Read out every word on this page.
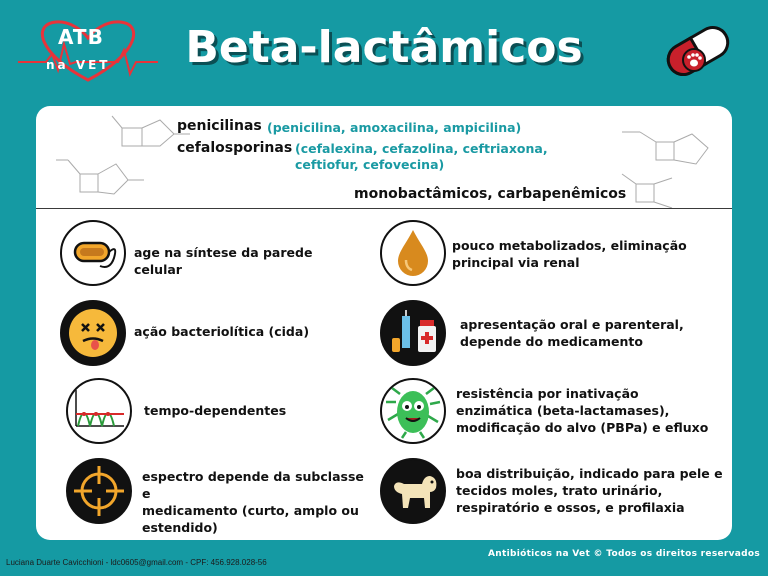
ATB
na VET	Beta-lactâmicos
penicilinas (penicilina, amoxacilina, ampicilina)
cefalosporinas (cefalexina, cefazolina, ceftriaxona,
ceftiofur, cefovecina)
monobactâmicos, carbapenêmicos
age na síntese da parede celular
ação bacteriolítica (cida)
tempo-dependentes
espectro depende da subclasse e
medicamento (curto, amplo ou
estendido)
pouco metabolizados, eliminação
principal via renal
apresentação oral e parenteral,
depende do medicamento
resistência por inativação
enzimática (beta-lactamases),
modificação do alvo (PBPa) e efluxo
boa distribuição, indicado para pele e
tecidos moles, trato urinário,
respiratório e ossos, e profilaxia
Antibióticos na Vet © Todos os direitos reservados
Luciana Duarte Cavicchioni - ldc0605@gmail.com - CPF: 456.928.028-56
